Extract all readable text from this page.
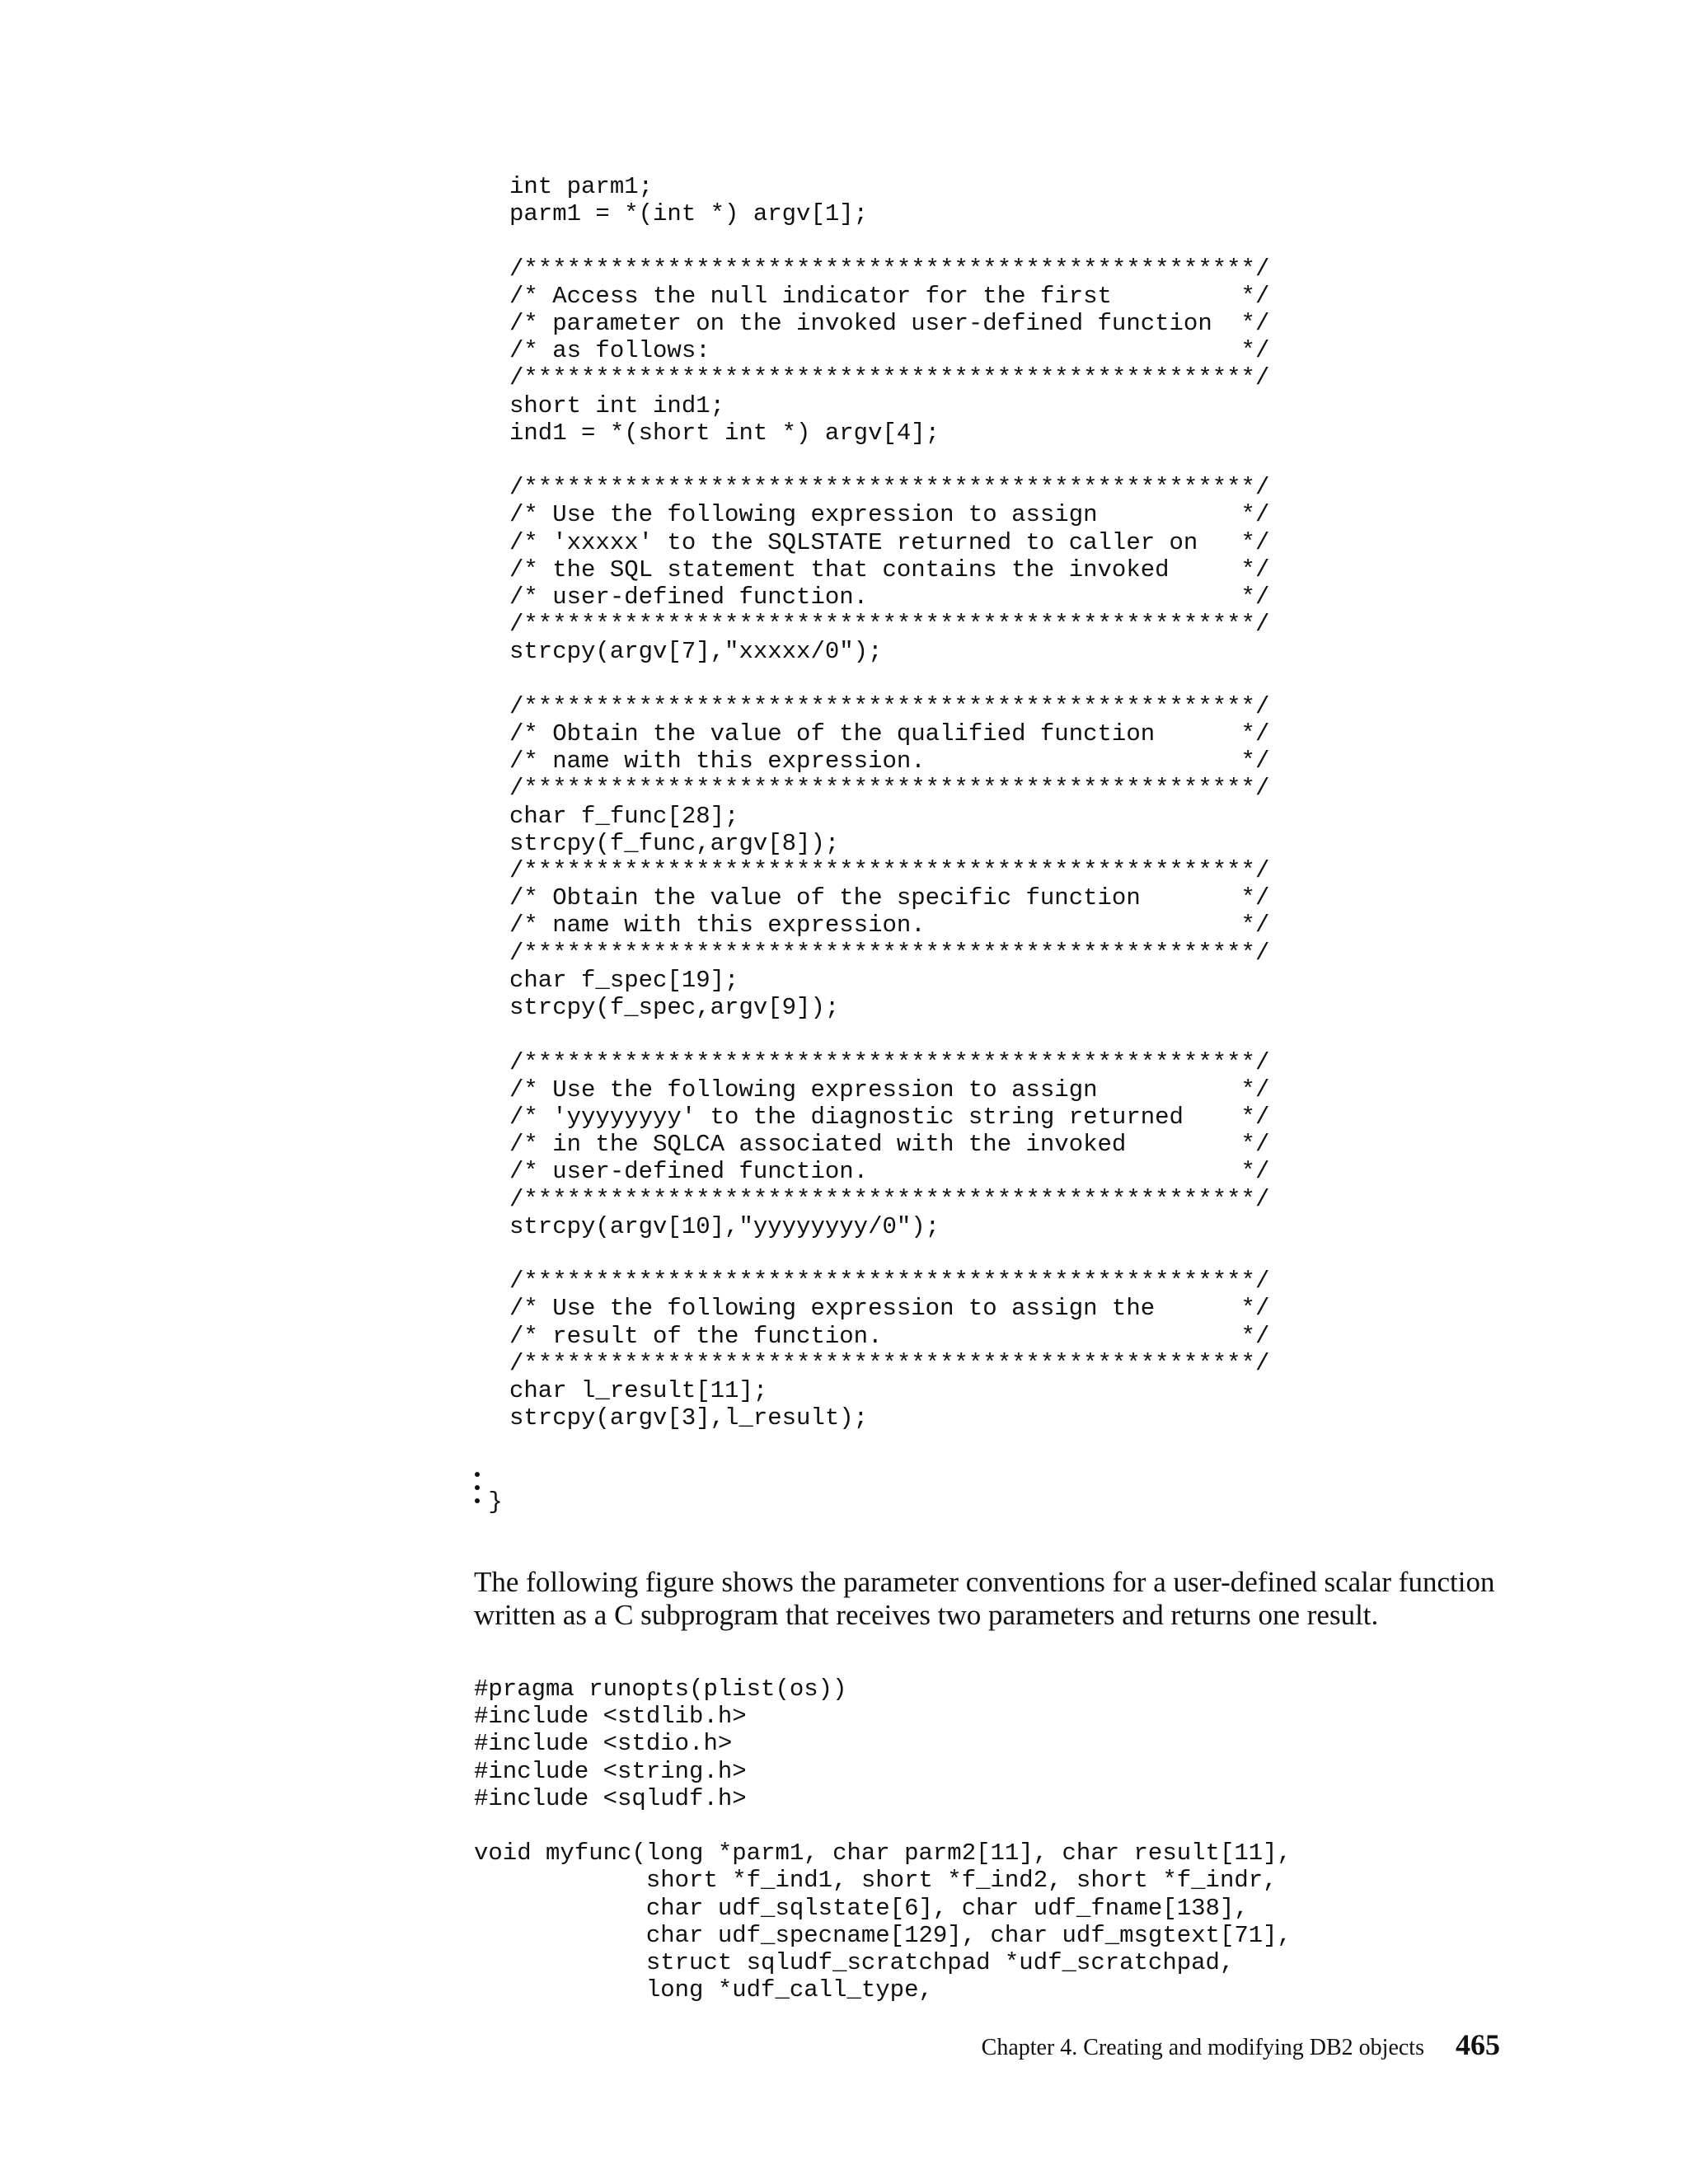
int parm1;
parm1 = *(int *) argv[1];

/***************************************************/
/* Access the null indicator for the first         */
/* parameter on the invoked user-defined function  */
/* as follows:                                     */
/***************************************************/
short int ind1;
ind1 = *(short int *) argv[4];

/***************************************************/
/* Use the following expression to assign          */
/* 'xxxxx' to the SQLSTATE returned to caller on   */
/* the SQL statement that contains the invoked     */
/* user-defined function.                          */
/***************************************************/
strcpy(argv[7],"xxxxx/0");

/***************************************************/
/* Obtain the value of the qualified function      */
/* name with this expression.                      */
/***************************************************/
char f_func[28];
strcpy(f_func,argv[8]);
/***************************************************/
/* Obtain the value of the specific function       */
/* name with this expression.                      */
/***************************************************/
char f_spec[19];
strcpy(f_spec,argv[9]);

/***************************************************/
/* Use the following expression to assign          */
/* 'yyyyyyyy' to the diagnostic string returned    */
/* in the SQLCA associated with the invoked        */
/* user-defined function.                          */
/***************************************************/
strcpy(argv[10],"yyyyyyyy/0");

/***************************************************/
/* Use the following expression to assign the      */
/* result of the function.                         */
/***************************************************/
char l_result[11];
strcpy(argv[3],l_result);
}

The following figure shows the parameter conventions for a user-defined scalar function written as a C subprogram that receives two parameters and returns one result.

#pragma runopts(plist(os))
#include <stdlib.h>
#include <stdio.h>
#include <string.h>
#include <sqludf.h>

void myfunc(long *parm1, char parm2[11], char result[11],
short *f_ind1, short *f_ind2, short *f_indr,
char udf_sqlstate[6], char udf_fname[138],
char udf_specname[129], char udf_msgtext[71],
struct sqludf_scratchpad *udf_scratchpad,
long *udf_call_type,
Chapter 4. Creating and modifying DB2 objects 465
